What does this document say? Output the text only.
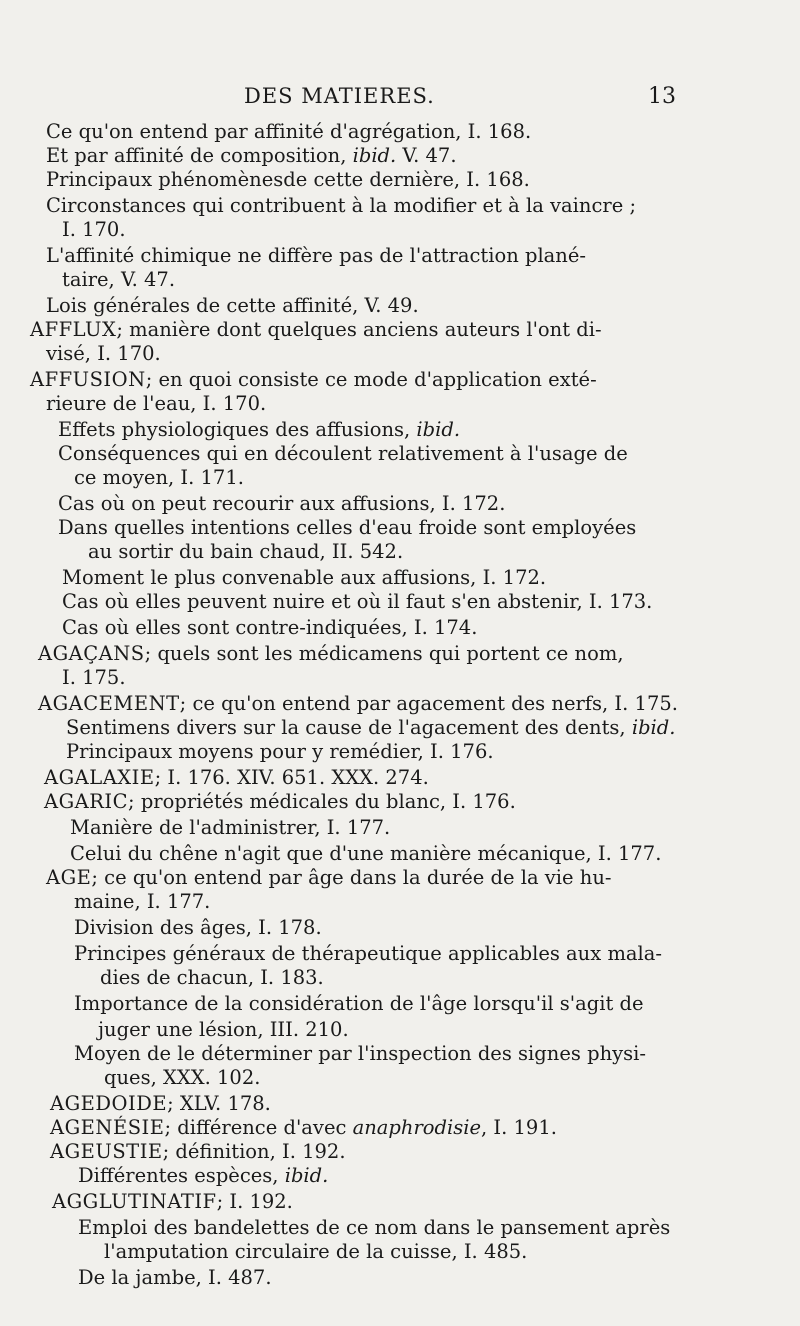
DES MATIERES.	13
Ce qu'on entend par affinité d'agrégation, I. 168.
Et par affinité de composition, ibid. V. 47.
Principaux phénomènesde cette dernière, I. 168.
Circonstances qui contribuent à la modifier et à la vaincre ;
I. 170.
L'affinité chimique ne diffère pas de l'attraction plané-
taire, V. 47.
Lois générales de cette affinité, V. 49.
AFFLUX; manière dont quelques anciens auteurs l'ont di-
visé, I. 170.
AFFUSION; en quoi consiste ce mode d'application exté-
rieure de l'eau, I. 170.
Effets physiologiques des affusions, ibid.
Conséquences qui en découlent relativement à l'usage de
ce moyen, I. 171.
Cas où on peut recourir aux affusions, I. 172.
Dans quelles intentions celles d'eau froide sont employées
au sortir du bain chaud, II. 542.
Moment le plus convenable aux affusions, I. 172.
Cas où elles peuvent nuire et où il faut s'en abstenir, I. 173.
Cas où elles sont contre-indiquées, I. 174.
AGAÇANS; quels sont les médicamens qui portent ce nom,
I. 175.
AGACEMENT; ce qu'on entend par agacement des nerfs, I. 175.
Sentimens divers sur la cause de l'agacement des dents, ibid.
Principaux moyens pour y remédier, I. 176.
AGALAXIE; I. 176. XIV. 651. XXX. 274.
AGARIC; propriétés médicales du blanc, I. 176.
Manière de l'administrer, I. 177.
Celui du chêne n'agit que d'une manière mécanique, I. 177.
AGE; ce qu'on entend par âge dans la durée de la vie hu-
maine, I. 177.
Division des âges, I. 178.
Principes généraux de thérapeutique applicables aux mala-
dies de chacun, I. 183.
Importance de la considération de l'âge lorsqu'il s'agit de
juger une lésion, III. 210.
Moyen de le déterminer par l'inspection des signes physi-
ques, XXX. 102.
AGEDOIDE; XLV. 178.
AGENÉSIE; différence d'avec anaphrodisie, I. 191.
AGEUSTIE; définition, I. 192.
Différentes espèces, ibid.
AGGLUTINATIF; I. 192.
Emploi des bandelettes de ce nom dans le pansement après
l'amputation circulaire de la cuisse, I. 485.
De la jambe, I. 487.
